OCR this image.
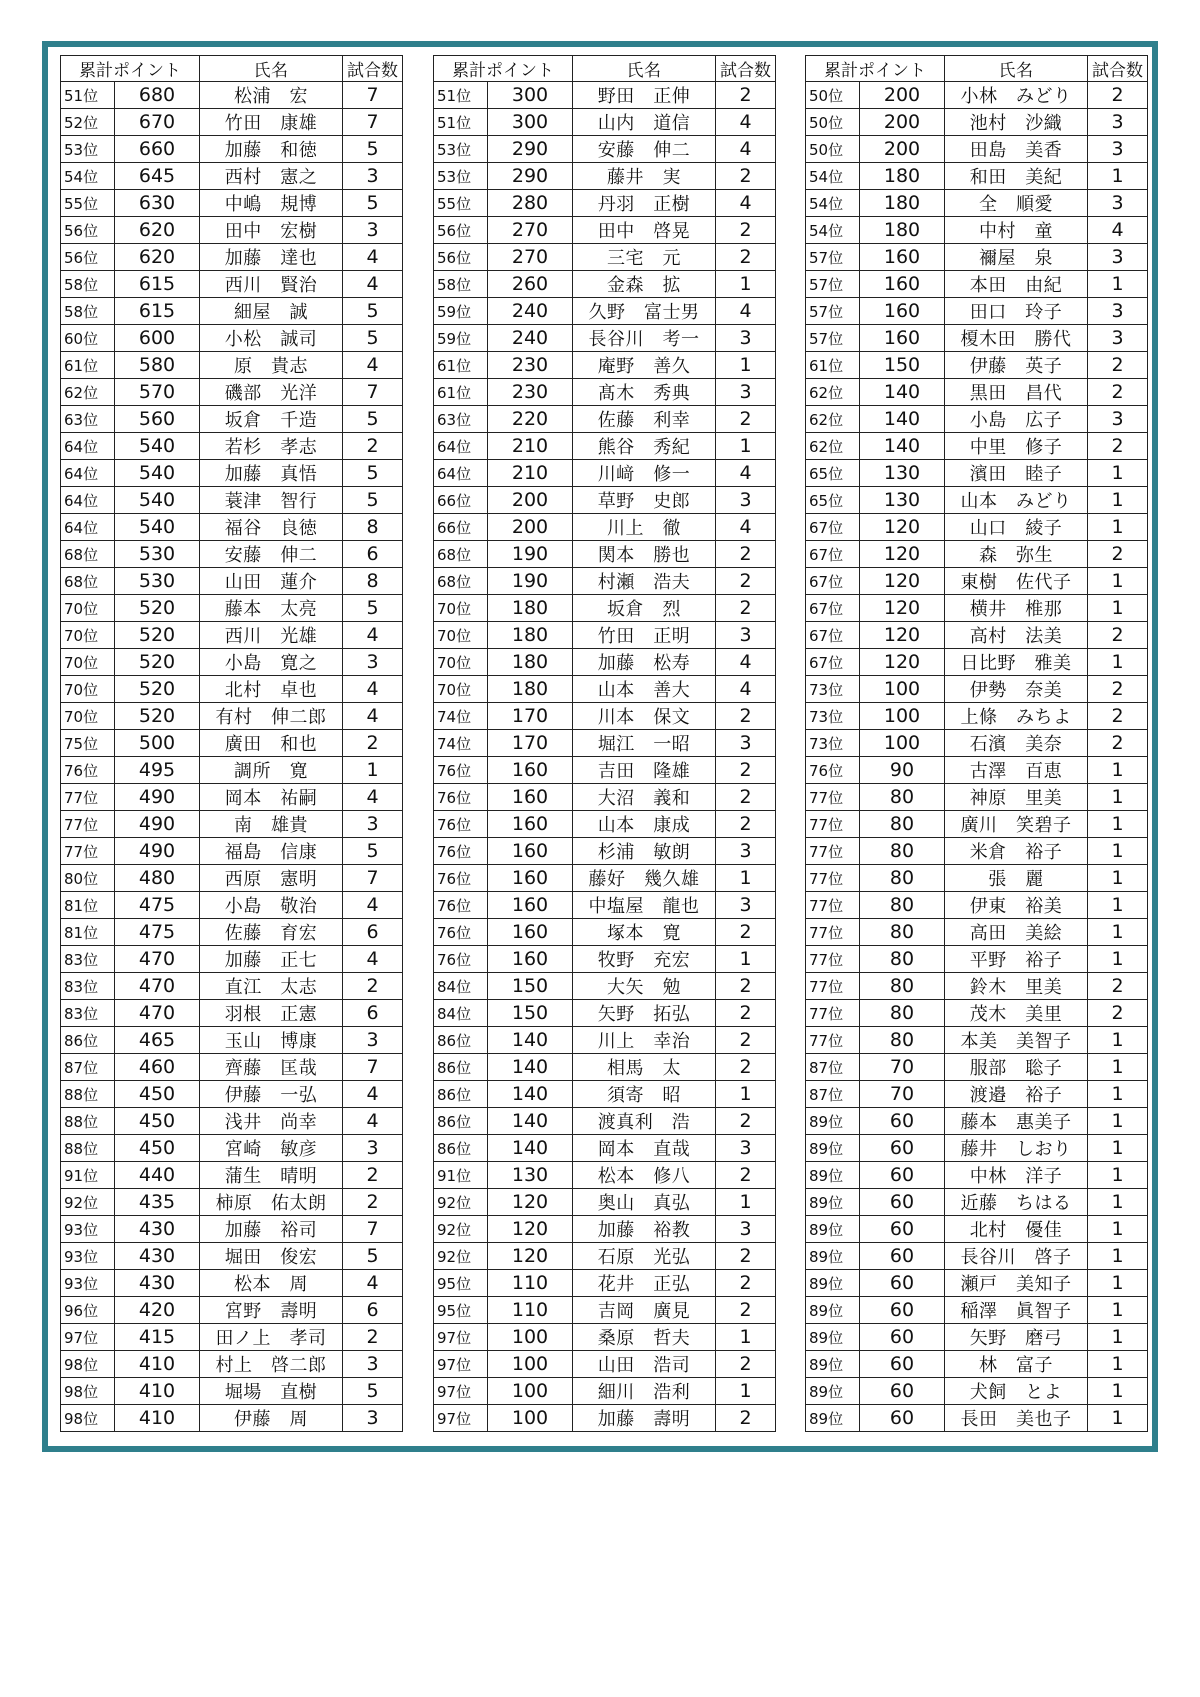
累計ポイント		氏名	試合数
51位	680	松浦　宏	7
52位	670	竹田　康雄	7
53位	660	加藤　和徳	5
54位	645	西村　憲之	3
55位	630	中嶋　規博	5
56位	620	田中　宏樹	3
56位	620	加藤　達也	4
58位	615	西川　賢治	4
58位	615	細屋　誠	5
60位	600	小松　誠司	5
61位	580	原　貴志	4
62位	570	磯部　光洋	7
63位	560	坂倉　千造	5
64位	540	若杉　孝志	2
64位	540	加藤　真悟	5
64位	540	蓑津　智行	5
64位	540	福谷　良徳	8
68位	530	安藤　伸二	6
68位	530	山田　蓮介	8
70位	520	藤本　太亮	5
70位	520	西川　光雄	4
70位	520	小島　寛之	3
70位	520	北村　卓也	4
70位	520	有村　伸二郎	4
75位	500	廣田　和也	2
76位	495	調所　寛	1
77位	490	岡本　祐嗣	4
77位	490	南　雄貴	3
77位	490	福島　信康	5
80位	480	西原　憲明	7
81位	475	小島　敬治	4
81位	475	佐藤　育宏	6
83位	470	加藤　正七	4
83位	470	直江　太志	2
83位	470	羽根　正憲	6
86位	465	玉山　博康	3
87位	460	齊藤　匡哉	7
88位	450	伊藤　一弘	4
88位	450	浅井　尚幸	4
88位	450	宮崎　敏彦	3
91位	440	蒲生　晴明	2
92位	435	柿原　佑太朗	2
93位	430	加藤　裕司	7
93位	430	堀田　俊宏	5
93位	430	松本　周	4
96位	420	宮野　壽明	6
97位	415	田ノ上　孝司	2
98位	410	村上　啓二郎	3
98位	410	堀場　直樹	5
98位	410	伊藤　周	3
累計ポイント		氏名	試合数
51位	300	野田　正伸	2
51位	300	山内　道信	4
53位	290	安藤　伸二	4
53位	290	藤井　実	2
55位	280	丹羽　正樹	4
56位	270	田中　啓晃	2
56位	270	三宅　元	2
58位	260	金森　拡	1
59位	240	久野　富士男	4
59位	240	長谷川　考一	3
61位	230	庵野　善久	1
61位	230	髙木　秀典	3
63位	220	佐藤　利幸	2
64位	210	熊谷　秀紀	1
64位	210	川﨑　修一	4
66位	200	草野　史郎	3
66位	200	川上　徹	4
68位	190	関本　勝也	2
68位	190	村瀬　浩夫	2
70位	180	坂倉　烈	2
70位	180	竹田　正明	3
70位	180	加藤　松寿	4
70位	180	山本　善大	4
74位	170	川本　保文	2
74位	170	堀江　一昭	3
76位	160	吉田　隆雄	2
76位	160	大沼　義和	2
76位	160	山本　康成	2
76位	160	杉浦　敏朗	3
76位	160	藤好　幾久雄	1
76位	160	中塩屋　龍也	3
76位	160	塚本　寛	2
76位	160	牧野　充宏	1
84位	150	大矢　勉	2
84位	150	矢野　拓弘	2
86位	140	川上　幸治	2
86位	140	相馬　太	2
86位	140	須寄　昭	1
86位	140	渡真利　浩	2
86位	140	岡本　直哉	3
91位	130	松本　修八	2
92位	120	奥山　真弘	1
92位	120	加藤　裕教	3
92位	120	石原　光弘	2
95位	110	花井　正弘	2
95位	110	吉岡　廣見	2
97位	100	桑原　哲夫	1
97位	100	山田　浩司	2
97位	100	細川　浩利	1
97位	100	加藤　壽明	2
累計ポイント		氏名	試合数
50位	200	小林　みどり	2
50位	200	池村　沙織	3
50位	200	田島　美香	3
54位	180	和田　美紀	1
54位	180	全　順愛	3
54位	180	中村　童	4
57位	160	禰屋　泉	3
57位	160	本田　由紀	1
57位	160	田口　玲子	3
57位	160	榎木田　勝代	3
61位	150	伊藤　英子	2
62位	140	黒田　昌代	2
62位	140	小島　広子	3
62位	140	中里　修子	2
65位	130	濱田　睦子	1
65位	130	山本　みどり	1
67位	120	山口　綾子	1
67位	120	森　弥生	2
67位	120	東樹　佐代子	1
67位	120	横井　椎那	1
67位	120	高村　法美	2
67位	120	日比野　雅美	1
73位	100	伊勢　奈美	2
73位	100	上條　みちよ	2
73位	100	石濱　美奈	2
76位	90	古澤　百恵	1
77位	80	神原　里美	1
77位	80	廣川　笑碧子	1
77位	80	米倉　裕子	1
77位	80	張　麗	1
77位	80	伊東　裕美	1
77位	80	高田　美絵	1
77位	80	平野　裕子	1
77位	80	鈴木　里美	2
77位	80	茂木　美里	2
77位	80	本美　美智子	1
87位	70	服部　聡子	1
87位	70	渡邉　裕子	1
89位	60	藤本　惠美子	1
89位	60	藤井　しおり	1
89位	60	中林　洋子	1
89位	60	近藤　ちはる	1
89位	60	北村　優佳	1
89位	60	長谷川　啓子	1
89位	60	瀬戸　美知子	1
89位	60	稲澤　眞智子	1
89位	60	矢野　磨弓	1
89位	60	林　富子	1
89位	60	犬飼　とよ	1
89位	60	長田　美也子	1
